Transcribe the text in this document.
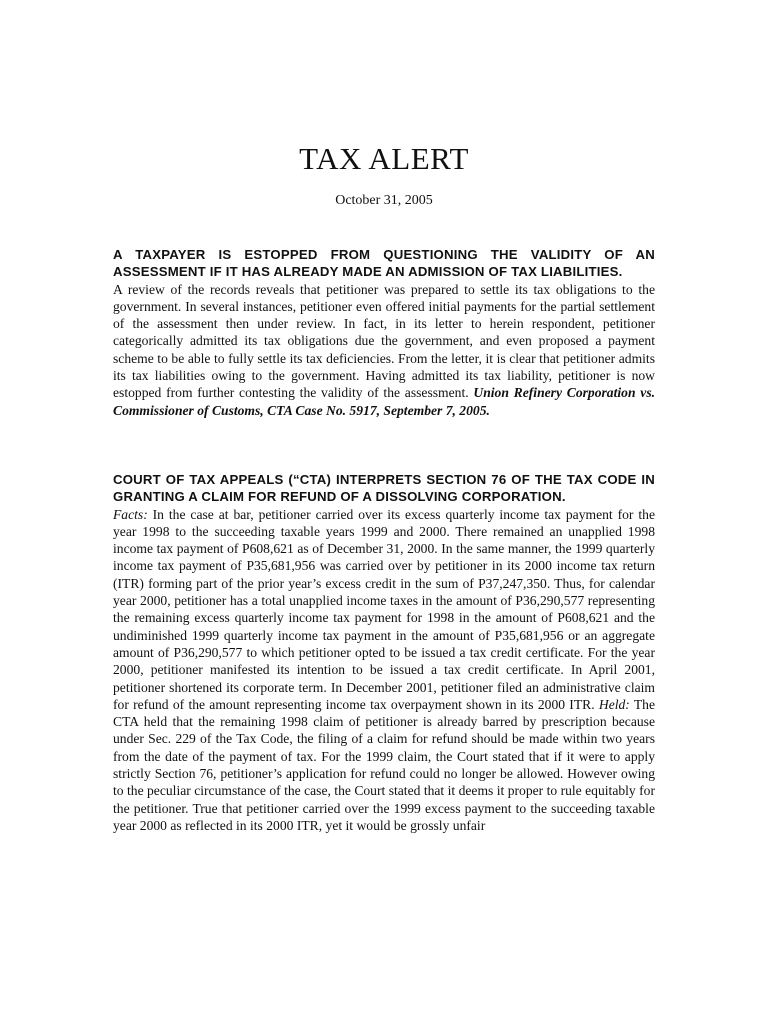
TAX ALERT

October 31, 2005

A TAXPAYER IS ESTOPPED FROM QUESTIONING THE VALIDITY OF AN ASSESSMENT IF IT HAS ALREADY MADE AN ADMISSION OF TAX LIABILITIES.

A review of the records reveals that petitioner was prepared to settle its tax obligations to the government. In several instances, petitioner even offered initial payments for the partial settlement of the assessment then under review. In fact, in its letter to herein respondent, petitioner categorically admitted its tax obligations due the government, and even proposed a payment scheme to be able to fully settle its tax deficiencies. From the letter, it is clear that petitioner admits its tax liabilities owing to the government. Having admitted its tax liability, petitioner is now estopped from further contesting the validity of the assessment. Union Refinery Corporation vs. Commissioner of Customs, CTA Case No. 5917, September 7, 2005.

COURT OF TAX APPEALS (“CTA) INTERPRETS SECTION 76 OF THE TAX CODE IN GRANTING A CLAIM FOR REFUND OF A DISSOLVING CORPORATION.

Facts: In the case at bar, petitioner carried over its excess quarterly income tax payment for the year 1998 to the succeeding taxable years 1999 and 2000. There remained an unapplied 1998 income tax payment of P608,621 as of December 31, 2000. In the same manner, the 1999 quarterly income tax payment of P35,681,956 was carried over by petitioner in its 2000 income tax return (ITR) forming part of the prior year’s excess credit in the sum of P37,247,350. Thus, for calendar year 2000, petitioner has a total unapplied income taxes in the amount of P36,290,577 representing the remaining excess quarterly income tax payment for 1998 in the amount of P608,621 and the undiminished 1999 quarterly income tax payment in the amount of P35,681,956 or an aggregate amount of P36,290,577 to which petitioner opted to be issued a tax credit certificate. For the year 2000, petitioner manifested its intention to be issued a tax credit certificate. In April 2001, petitioner shortened its corporate term. In December 2001, petitioner filed an administrative claim for refund of the amount representing income tax overpayment shown in its 2000 ITR. Held: The CTA held that the remaining 1998 claim of petitioner is already barred by prescription because under Sec. 229 of the Tax Code, the filing of a claim for refund should be made within two years from the date of the payment of tax. For the 1999 claim, the Court stated that if it were to apply strictly Section 76, petitioner’s application for refund could no longer be allowed. However owing to the peculiar circumstance of the case, the Court stated that it deems it proper to rule equitably for the petitioner. True that petitioner carried over the 1999 excess payment to the succeeding taxable year 2000 as reflected in its 2000 ITR, yet it would be grossly unfair
